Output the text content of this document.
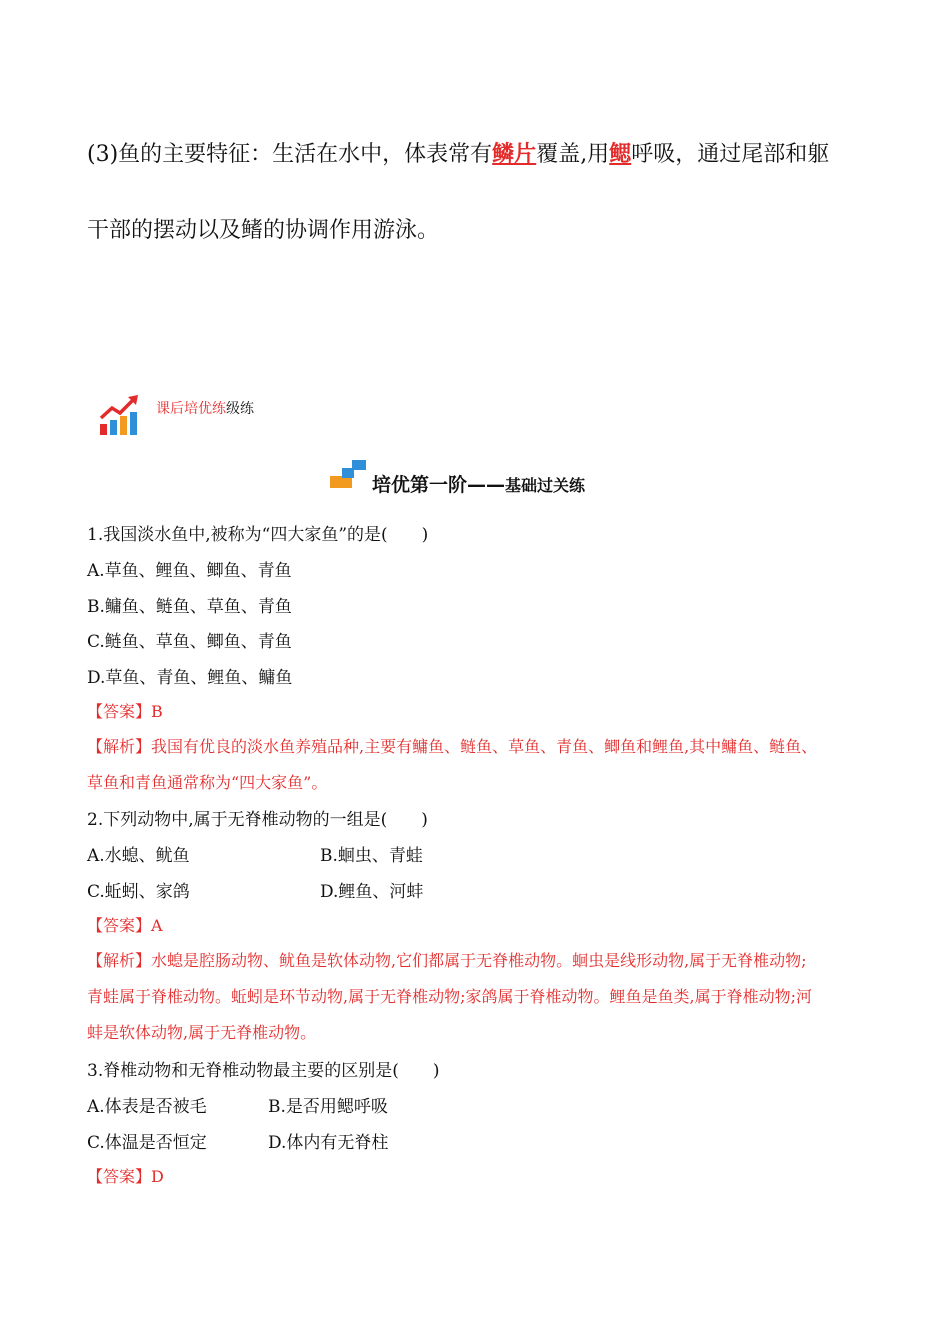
(3)鱼的主要特征：生活在水中，体表常有鳞片覆盖,用鳃呼吸，通过尾部和躯
干部的摆动以及鳍的协调作用游泳。
课后培优练级练
培优第一阶——基础过关练
1.我国淡水鱼中,被称为“四大家鱼”的是(　　)
A.草鱼、鲤鱼、鲫鱼、青鱼
B.鳙鱼、鲢鱼、草鱼、青鱼
C.鲢鱼、草鱼、鲫鱼、青鱼
D.草鱼、青鱼、鲤鱼、鳙鱼
【答案】B
【解析】我国有优良的淡水鱼养殖品种,主要有鳙鱼、鲢鱼、草鱼、青鱼、鲫鱼和鲤鱼,其中鳙鱼、鲢鱼、
草鱼和青鱼通常称为“四大家鱼”。
2.下列动物中,属于无脊椎动物的一组是(　　)
A.水螅、鱿鱼	B.蛔虫、青蛙
C.蚯蚓、家鸽	D.鲤鱼、河蚌
【答案】A
【解析】水螅是腔肠动物、鱿鱼是软体动物,它们都属于无脊椎动物。蛔虫是线形动物,属于无脊椎动物;
青蛙属于脊椎动物。蚯蚓是环节动物,属于无脊椎动物;家鸽属于脊椎动物。鲤鱼是鱼类,属于脊椎动物;河
蚌是软体动物,属于无脊椎动物。
3.脊椎动物和无脊椎动物最主要的区别是(　　)
A.体表是否被毛	B.是否用鳃呼吸
C.体温是否恒定	D.体内有无脊柱
【答案】D
